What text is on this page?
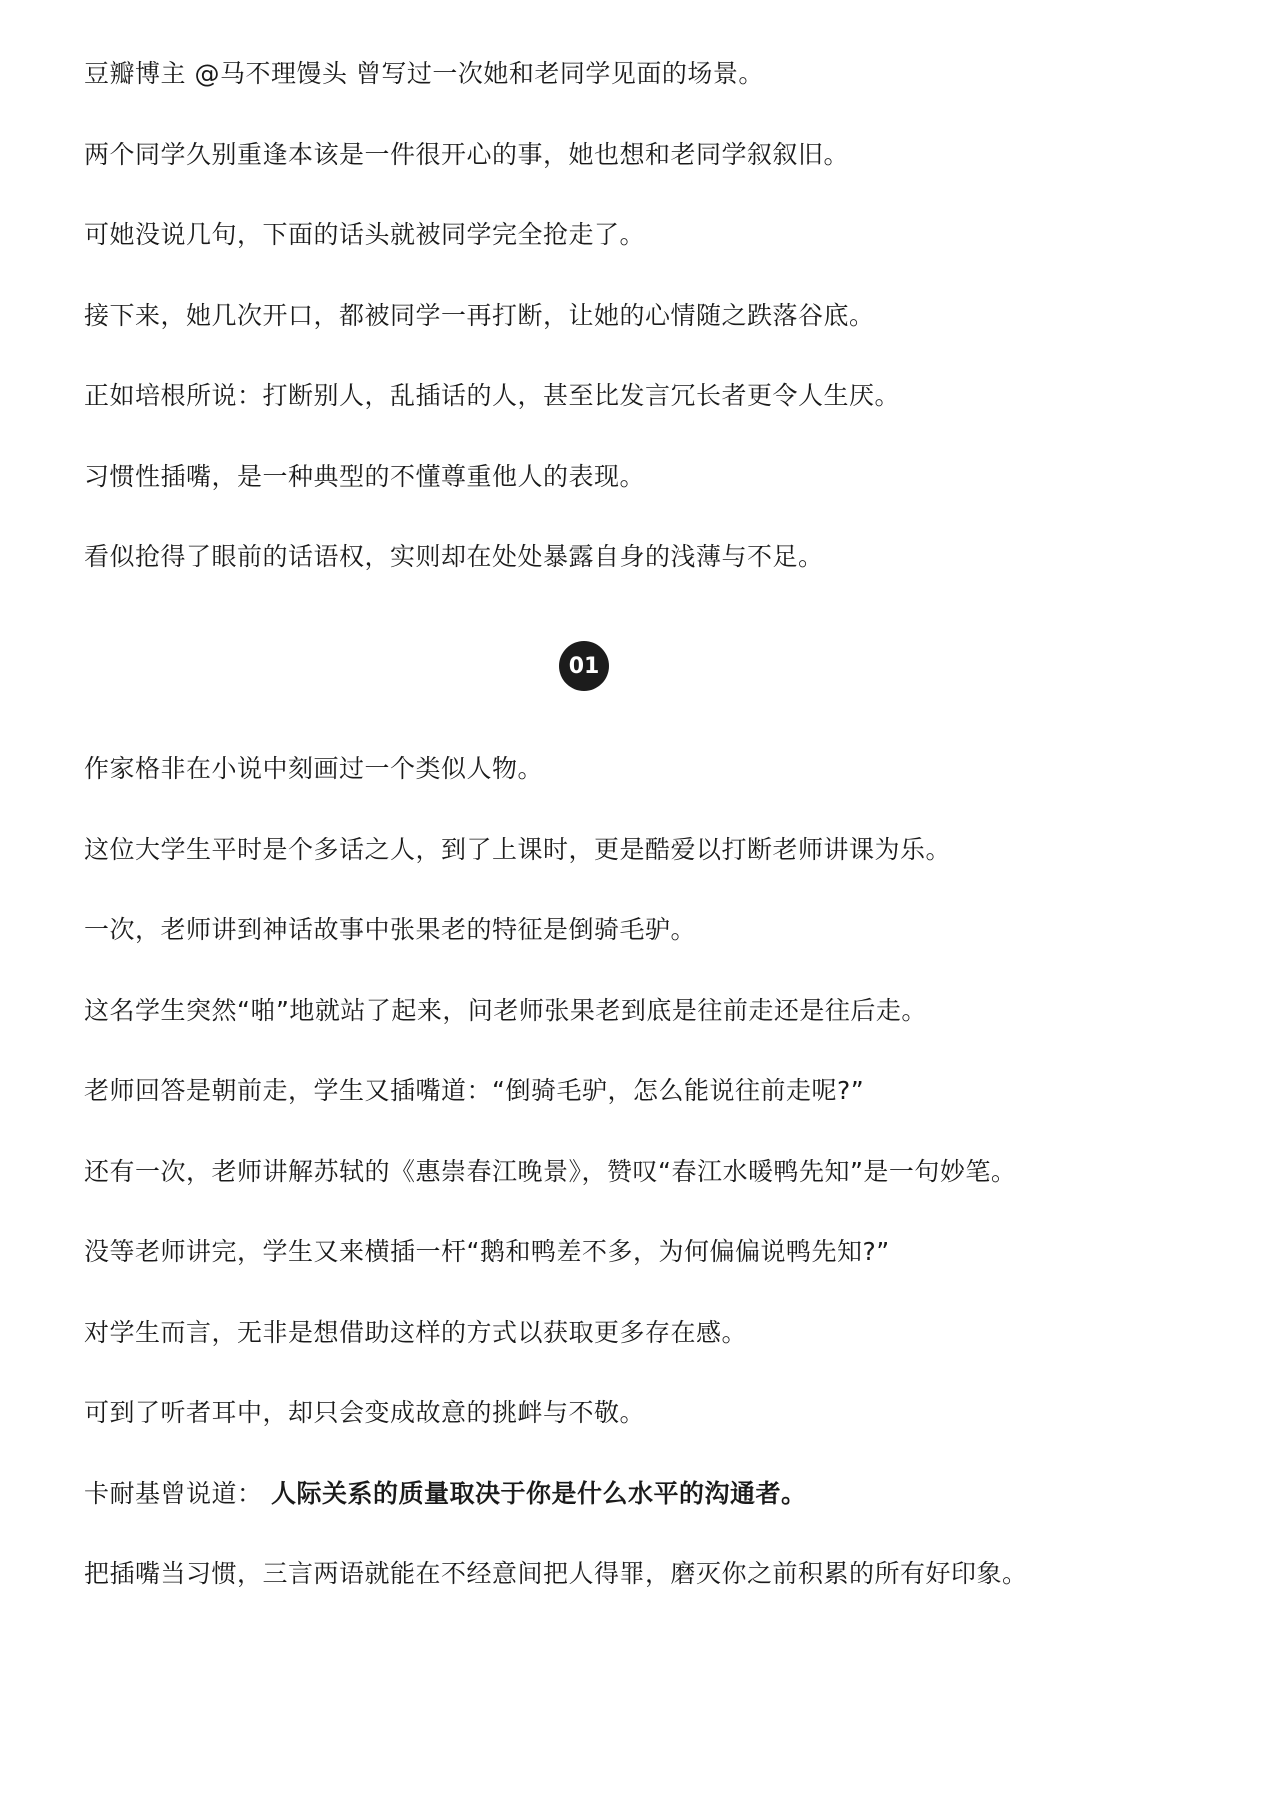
豆瓣博主 @马不理馒头 曾写过一次她和老同学见面的场景。

两个同学久别重逢本该是一件很开心的事，她也想和老同学叙叙旧。

可她没说几句，下面的话头就被同学完全抢走了。

接下来，她几次开口，都被同学一再打断，让她的心情随之跌落谷底。

正如培根所说：打断别人，乱插话的人，甚至比发言冗长者更令人生厌。

习惯性插嘴，是一种典型的不懂尊重他人的表现。

看似抢得了眼前的话语权，实则却在处处暴露自身的浅薄与不足。

01

作家格非在小说中刻画过一个类似人物。

这位大学生平时是个多话之人，到了上课时，更是酷爱以打断老师讲课为乐。

一次，老师讲到神话故事中张果老的特征是倒骑毛驴。

这名学生突然“啪”地就站了起来，问老师张果老到底是往前走还是往后走。

老师回答是朝前走，学生又插嘴道：“倒骑毛驴，怎么能说往前走呢?”

还有一次，老师讲解苏轼的《惠崇春江晚景》，赞叹“春江水暖鸭先知”是一句妙笔。

没等老师讲完，学生又来横插一杆“鹅和鸭差不多，为何偏偏说鸭先知?”

对学生而言，无非是想借助这样的方式以获取更多存在感。

可到了听者耳中，却只会变成故意的挑衅与不敬。

卡耐基曾说道： 人际关系的质量取决于你是什么水平的沟通者。

把插嘴当习惯，三言两语就能在不经意间把人得罪，磨灭你之前积累的所有好印象。
